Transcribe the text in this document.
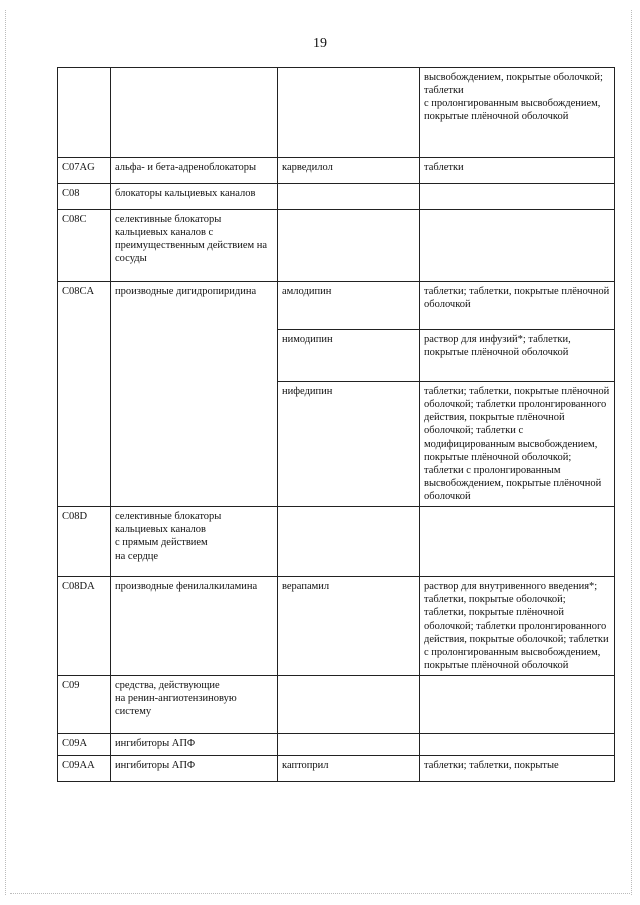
19

			высвобождением, покрытые оболочкой; таблетки
с пролонгированным высвобождением, покрытые плёночной оболочкой

C07AG	альфа- и бета-адреноблокаторы	карведилол	таблетки

C08	блокаторы кальциевых каналов		

C08C	селективные блокаторы кальциевых каналов с преимущественным действием на сосуды		

C08CA	производные дигидропиридина	амлодипин	таблетки; таблетки, покрытые плёночной оболочкой

		нимодипин	раствор для инфузий*; таблетки, покрытые плёночной оболочкой

		нифедипин	таблетки; таблетки, покрытые плёночной оболочкой; таблетки пролонгированного действия, покрытые плёночной оболочкой; таблетки с модифицированным высвобождением, покрытые плёночной оболочкой; таблетки с пролонгированным высвобождением, покрытые плёночной оболочкой

C08D	селективные блокаторы кальциевых каналов
с прямым действием
на сердце		

C08DA	производные фенилалкиламина	верапамил	раствор для внутривенного введения*; таблетки, покрытые оболочкой; таблетки, покрытые плёночной оболочкой; таблетки пролонгированного действия, покрытые оболочкой; таблетки с пролонгированным высвобождением, покрытые плёночной оболочкой

C09	средства, действующие
на ренин-ангиотензиновую систему		

C09A	ингибиторы АПФ		

C09AA	ингибиторы АПФ	каптоприл	таблетки; таблетки, покрытые
